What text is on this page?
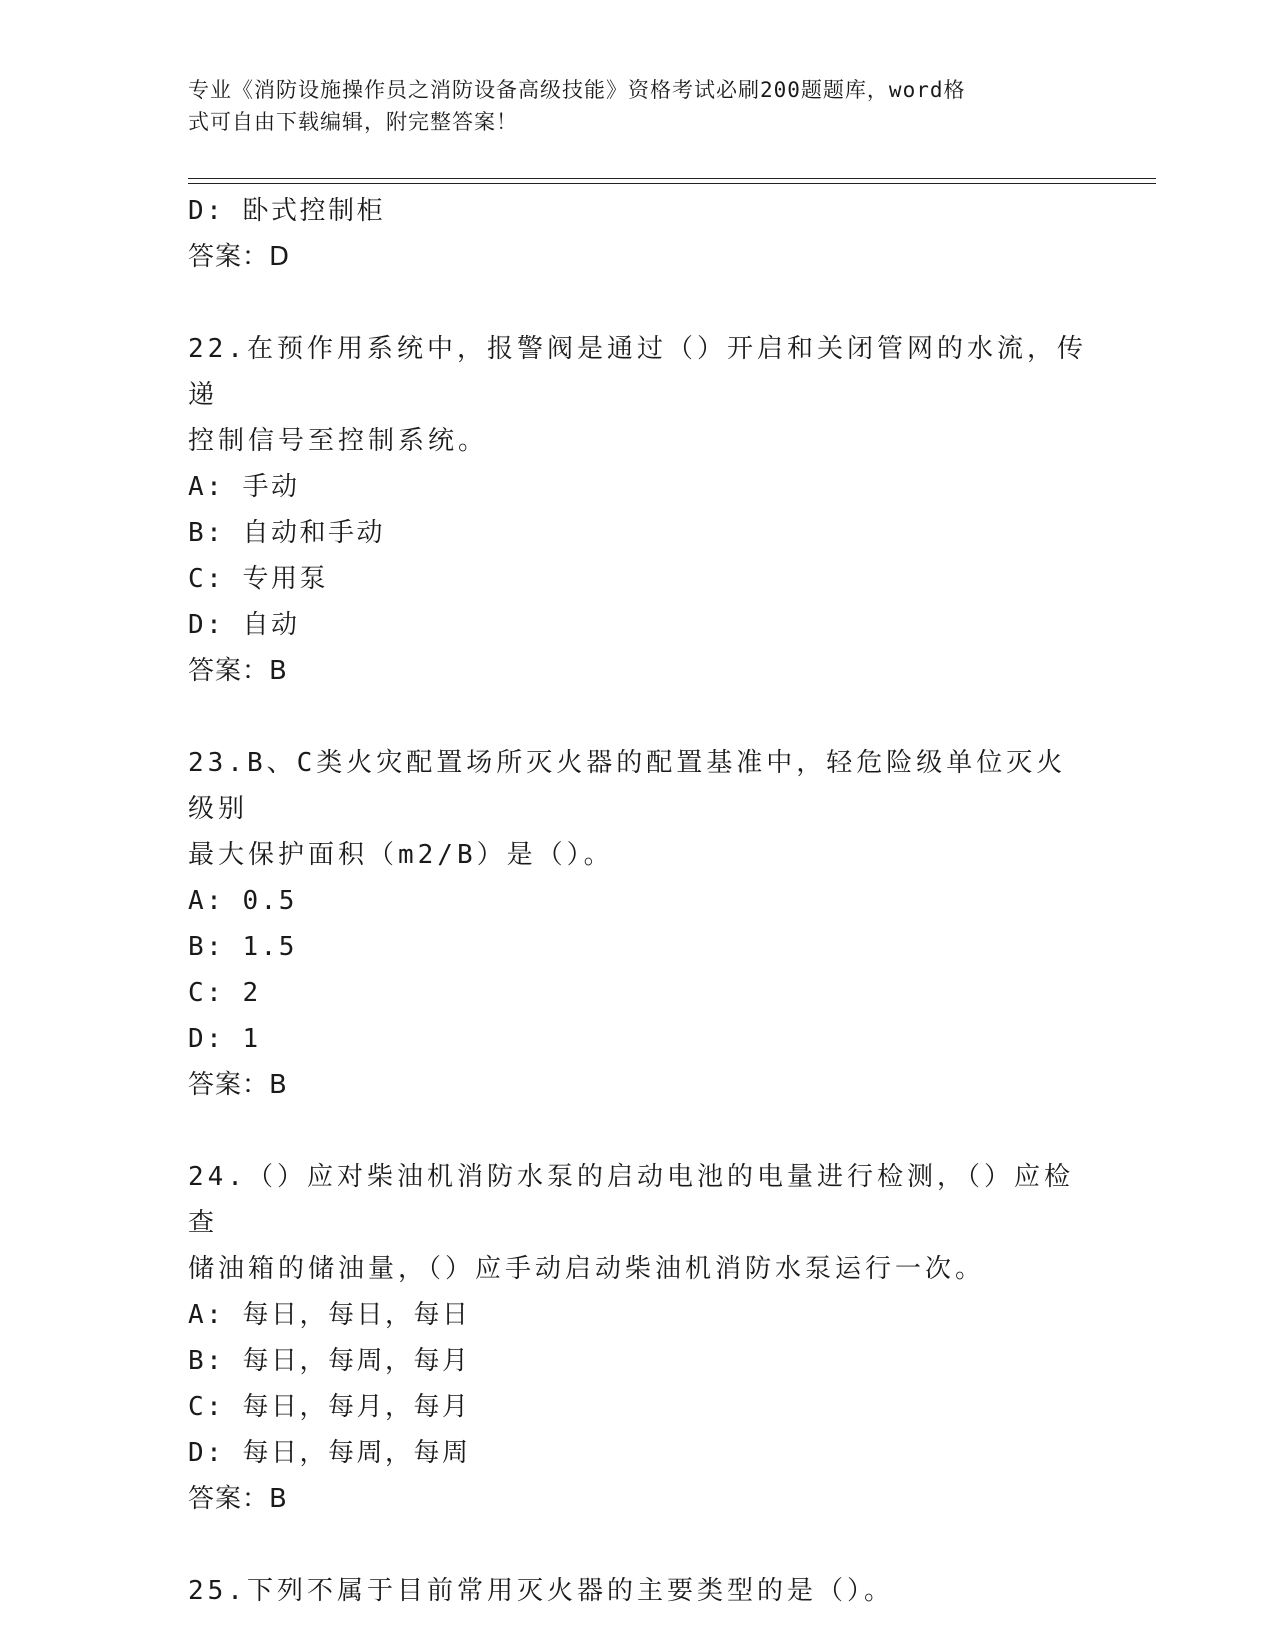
专业《消防设施操作员之消防设备高级技能》资格考试必刷200题题库，word格
式可自由下载编辑，附完整答案！
D: 卧式控制柜
答案：D
22.在预作用系统中，报警阀是通过（）开启和关闭管网的水流，传递
控制信号至控制系统。
A: 手动
B: 自动和手动
C: 专用泵
D: 自动
答案：B
23.B、C类火灾配置场所灭火器的配置基准中，轻危险级单位灭火级别
最大保护面积（m2/B）是（）。
A: 0.5
B: 1.5
C: 2
D: 1
答案：B
24.（）应对柴油机消防水泵的启动电池的电量进行检测，（）应检查
储油箱的储油量，（）应手动启动柴油机消防水泵运行一次。
A: 每日，每日，每日
B: 每日，每周，每月
C: 每日，每月，每月
D: 每日，每周，每周
答案：B
25.下列不属于目前常用灭火器的主要类型的是（）。
